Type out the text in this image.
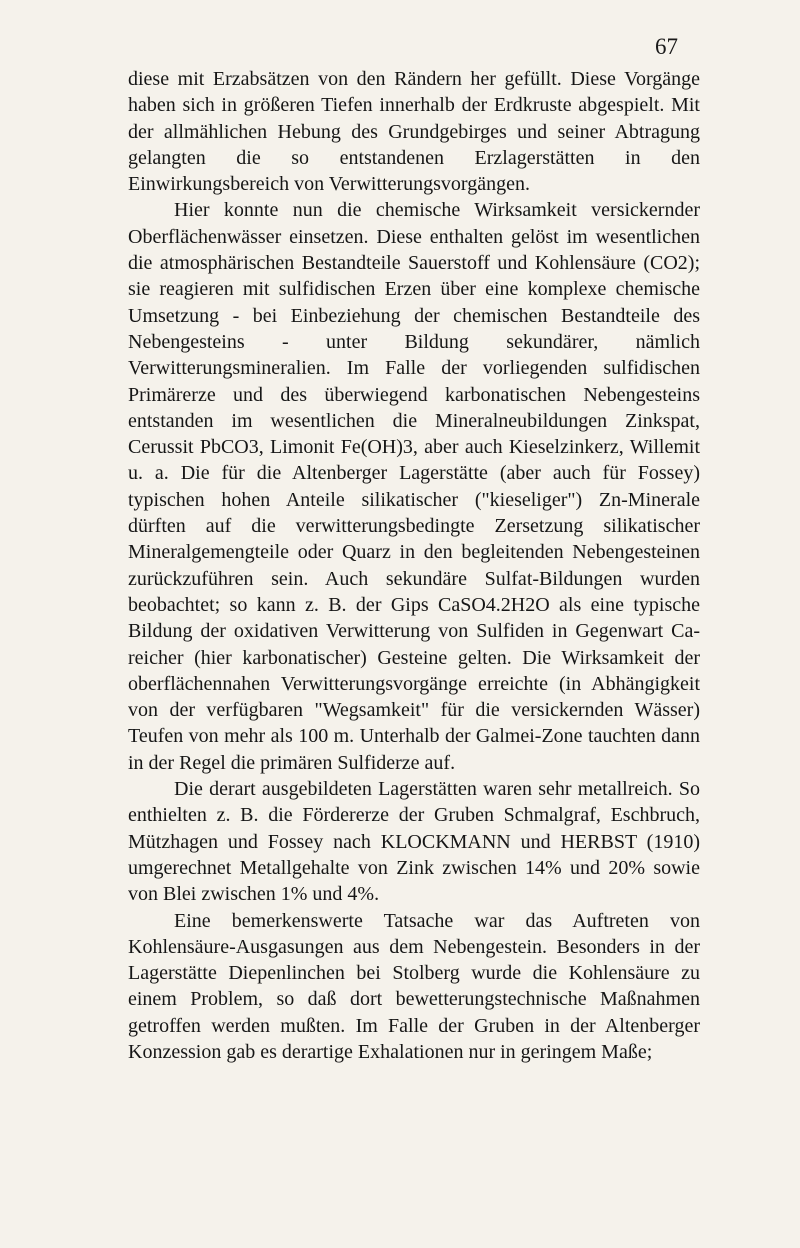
67

diese mit Erzabsätzen von den Rändern her gefüllt. Diese Vorgänge haben sich in größeren Tiefen innerhalb der Erdkruste abgespielt. Mit der allmählichen Hebung des Grundgebirges und seiner Abtragung gelangten die so entstandenen Erzlagerstätten in den Einwirkungsbereich von Verwitterungsvorgängen.

Hier konnte nun die chemische Wirksamkeit versickernder Oberflächenwässer einsetzen. Diese enthalten gelöst im wesentlichen die atmosphärischen Bestandteile Sauerstoff und Kohlensäure (CO2); sie reagieren mit sulfidischen Erzen über eine komplexe chemische Umsetzung - bei Einbeziehung der chemischen Bestandteile des Nebengesteins - unter Bildung sekundärer, nämlich Verwitterungsmineralien. Im Falle der vorliegenden sulfidischen Primärerze und des überwiegend karbonatischen Nebengesteins entstanden im wesentlichen die Mineralneubildungen Zinkspat, Cerussit PbCO3, Limonit Fe(OH)3, aber auch Kieselzinkerz, Willemit u. a. Die für die Altenberger Lagerstätte (aber auch für Fossey) typischen hohen Anteile silikatischer ("kieseliger") Zn-Minerale dürften auf die verwitterungsbedingte Zersetzung silikatischer Mineralgemengteile oder Quarz in den begleitenden Nebengesteinen zurückzuführen sein. Auch sekundäre Sulfat-Bildungen wurden beobachtet; so kann z. B. der Gips CaSO4.2H2O als eine typische Bildung der oxidativen Verwitterung von Sulfiden in Gegenwart Ca-reicher (hier karbonatischer) Gesteine gelten. Die Wirksamkeit der oberflächennahen Verwitterungsvorgänge erreichte (in Abhängigkeit von der verfügbaren "Wegsamkeit" für die versickernden Wässer) Teufen von mehr als 100 m. Unterhalb der Galmei-Zone tauchten dann in der Regel die primären Sulfiderze auf.

Die derart ausgebildeten Lagerstätten waren sehr metallreich. So enthielten z. B. die Fördererze der Gruben Schmalgraf, Eschbruch, Mützhagen und Fossey nach KLOCKMANN und HERBST (1910) umgerechnet Metallgehalte von Zink zwischen 14% und 20% sowie von Blei zwischen 1% und 4%.

Eine bemerkenswerte Tatsache war das Auftreten von Kohlensäure-Ausgasungen aus dem Nebengestein. Besonders in der Lagerstätte Diepenlinchen bei Stolberg wurde die Kohlensäure zu einem Problem, so daß dort bewetterungstechnische Maßnahmen getroffen werden mußten. Im Falle der Gruben in der Altenberger Konzession gab es derartige Exhalationen nur in geringem Maße;
